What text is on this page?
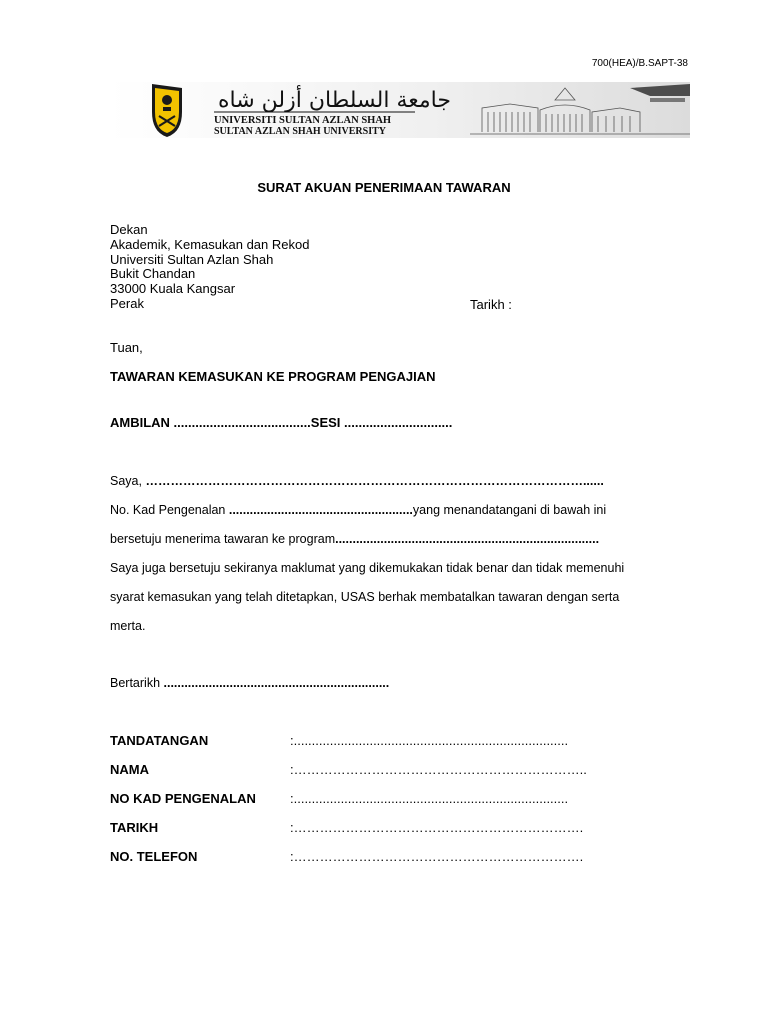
700(HEA)/B.SAPT-38
جامعة السلطان أزلن شاه
UNIVERSITI SULTAN AZLAN SHAH
SULTAN AZLAN SHAH UNIVERSITY
SURAT AKUAN PENERIMAAN TAWARAN
Dekan
Akademik, Kemasukan dan Rekod
Universiti Sultan Azlan Shah
Bukit Chandan
33000 Kuala Kangsar
Perak	Tarikh :
Tuan,
TAWARAN KEMASUKAN KE PROGRAM PENGAJIAN
AMBILAN ......................................SESI ..............................
Saya, ……………………………………………………………………………………………......
No. Kad Pengenalan .....................................................yang menandatangani di bawah ini
bersetuju menerima tawaran ke program............................................................................
Saya juga bersetuju sekiranya maklumat yang dikemukakan tidak benar dan tidak memenuhi
syarat kemasukan yang telah ditetapkan, USAS berhak membatalkan tawaran dengan serta
merta.
Bertarikh .................................................................
TANDATANGAN	:............................................................................
NAMA	:…………………………………………………………..
NO KAD PENGENALAN	:............................................................................
TARIKH	:………………………………………………………….
NO. TELEFON	:………………………………………………………….
